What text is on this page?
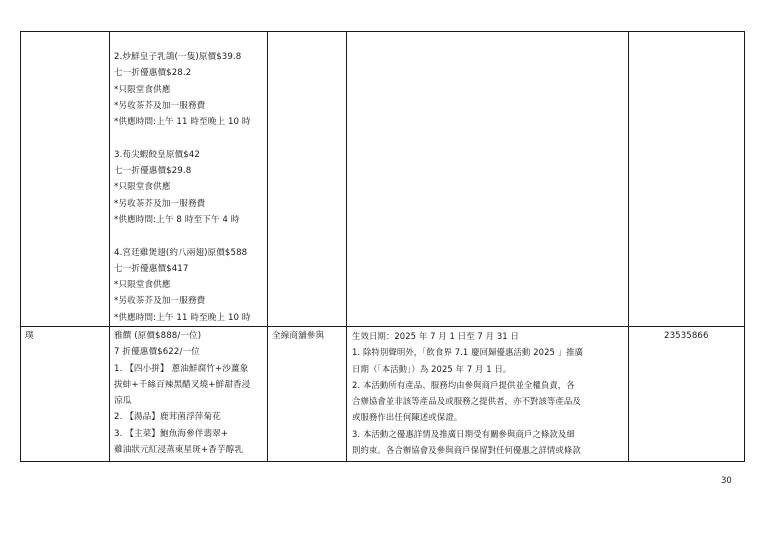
2.炒鮮皇子乳鴿(一隻)原價$39.8
七一折優惠價$28.2
*只限堂食供應
*另收茶芥及加一服務費
*供應時間:上午 11 時至晚上 10 時
3.荀尖蝦餃皇原價$42
七一折優惠價$29.8
*只限堂食供應
*另收茶芥及加一服務費
*供應時間:上午 8 時至下午 4 時
4.宮廷雞煲翅(約八兩翅)原價$588
七一折優惠價$417
*只限堂食供應
*另收茶芥及加一服務費
*供應時間:上午 11 時至晚上 10 時
璞	雅饌 (原價$888/一位)
7 折優惠價$622/一位
1. 【四小拼】 蔥油鮮腐竹+沙薑象
拔蚌+千絲百辣黑醋叉燒+鮮甜香浸
涼瓜
2. 【湯品】鹿茸菌浮萍菊花
3. 【主菜】鮑魚海參伴翡翠+
雞油狀元紅浸蒸東星斑+香芋醇乳
全線商舖參與	生效日期：2025 年 7 月 1 日至 7 月 31 日
1. 除特別聲明外，「飲食界 7.1 慶回歸優惠活動 2025 」推廣
日期（「本活動」）為 2025 年 7 月 1 日。
2. 本活動所有產品、服務均由參與商戶提供並全權負責，各
合辦協會並非該等產品及或服務之提供者，亦不對該等產品及
或服務作出任何陳述或保證。
3. 本活動之優惠詳情及推廣日期受有關參與商戶之條款及細
則約束。各合辦協會及參與商戶保留對任何優惠之詳情或條款
23535866
30
